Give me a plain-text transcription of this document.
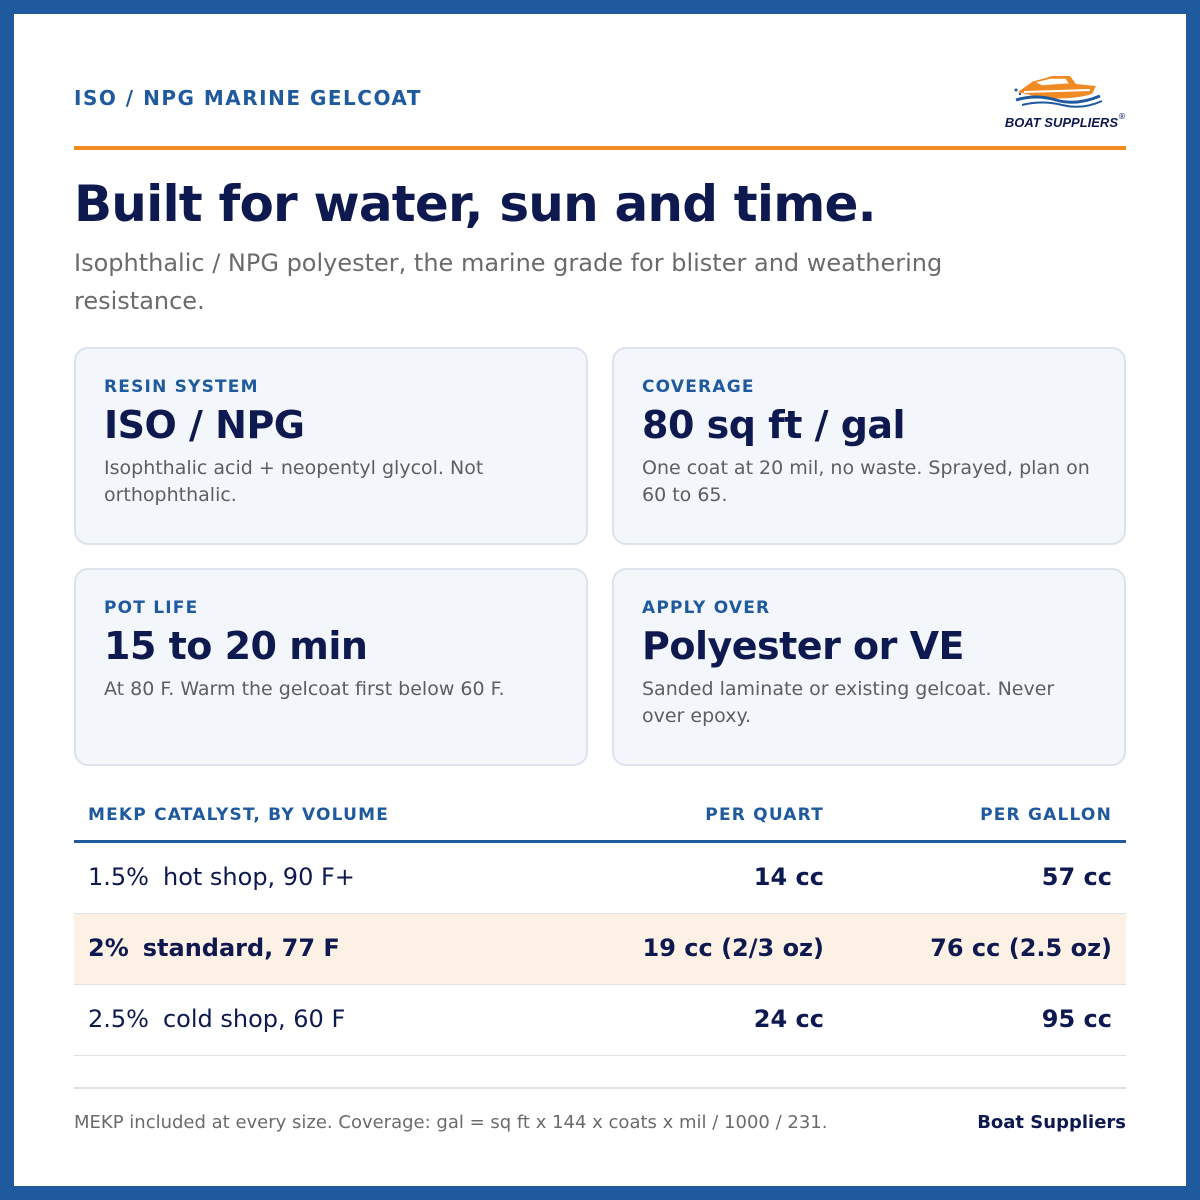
ISO / NPG MARINE GELCOAT
BOAT SUPPLIERS ®
Built for water, sun and time.

Isophthalic / NPG polyester, the marine grade for blister and weathering resistance.

RESIN SYSTEM
ISO / NPG
Isophthalic acid + neopentyl glycol. Not orthophthalic.
COVERAGE
80 sq ft / gal
One coat at 20 mil, no waste. Sprayed, plan on 60 to 65.
POT LIFE
15 to 20 min
At 80 F. Warm the gelcoat first below 60 F.
APPLY OVER
Polyester or VE
Sanded laminate or existing gelcoat. Never over epoxy.
MEKP CATALYST, BY VOLUME	PER QUART	PER GALLON
1.5% hot shop, 90 F+	14 cc	57 cc
2% standard, 77 F	19 cc (2/3 oz)	76 cc (2.5 oz)
2.5% cold shop, 60 F	24 cc	95 cc
MEKP included at every size. Coverage: gal = sq ft x 144 x coats x mil / 1000 / 231.	Boat Suppliers
